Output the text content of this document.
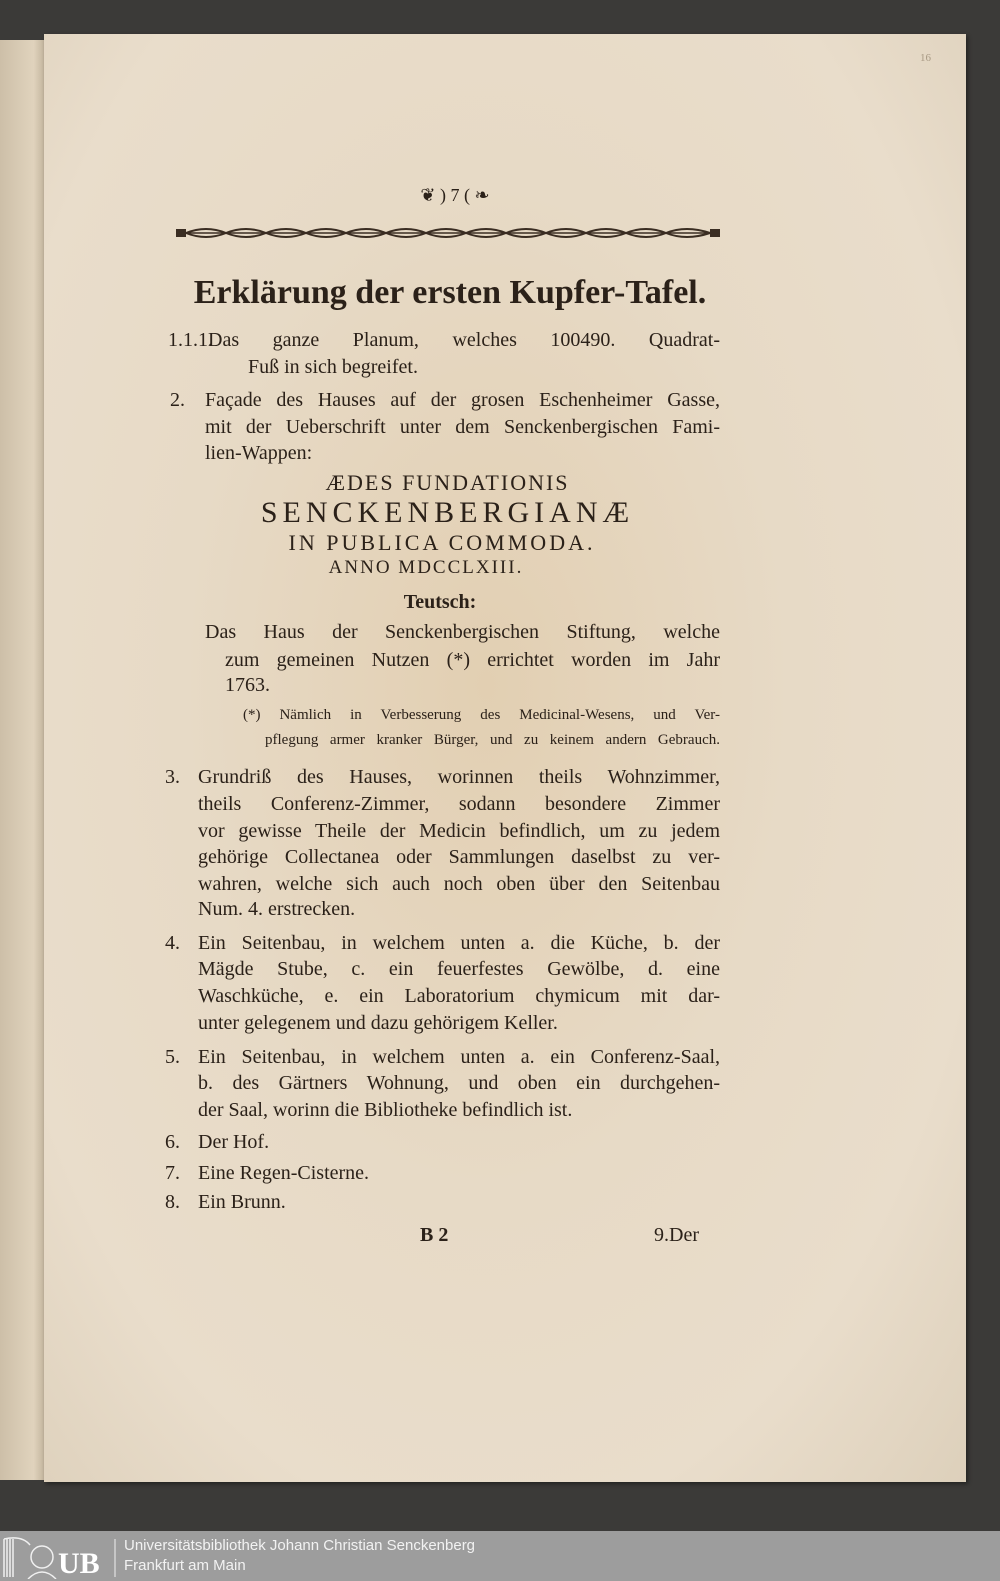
16
❦ ) 7 ( ❧
Erklärung der ersten Kupfer-Tafel.
1.1.1.
Das ganze Planum, welches 100490. Quadrat-
Fuß in sich begreifet.
2. Façade des Hauses auf der grosen Eschenheimer Gasse,
mit der Ueberschrift unter dem Senckenbergischen Fami-
lien-Wappen:
ÆDES FUNDATIONIS
SENCKENBERGIANÆ
IN PUBLICA COMMODA.
ANNO MDCCLXIII.
Teutsch:
Das Haus der Senckenbergischen Stiftung, welche
zum gemeinen Nutzen (*) errichtet worden im Jahr
1763.
(*) Nämlich in Verbesserung des Medicinal-Wesens, und Ver-
pflegung armer kranker Bürger, und zu keinem andern Gebrauch.
3. Grundriß des Hauses, worinnen theils Wohnzimmer,
theils Conferenz-Zimmer, sodann besondere Zimmer
vor gewisse Theile der Medicin befindlich, um zu jedem
gehörige Collectanea oder Sammlungen daselbst zu ver-
wahren, welche sich auch noch oben über den Seitenbau
Num. 4. erstrecken.
4. Ein Seitenbau, in welchem unten a. die Küche, b. der
Mägde Stube, c. ein feuerfestes Gewölbe, d. eine
Waschküche, e. ein Laboratorium chymicum mit dar-
unter gelegenem und dazu gehörigem Keller.
5. Ein Seitenbau, in welchem unten a. ein Conferenz-Saal,
b. des Gärtners Wohnung, und oben ein durchgehen-
der Saal, worinn die Bibliotheke befindlich ist.
6. Der Hof.
7. Eine Regen-Cisterne.
8. Ein Brunn.
B 2	9.Der
UB
Universitätsbibliothek Johann Christian Senckenberg
Frankfurt am Main
